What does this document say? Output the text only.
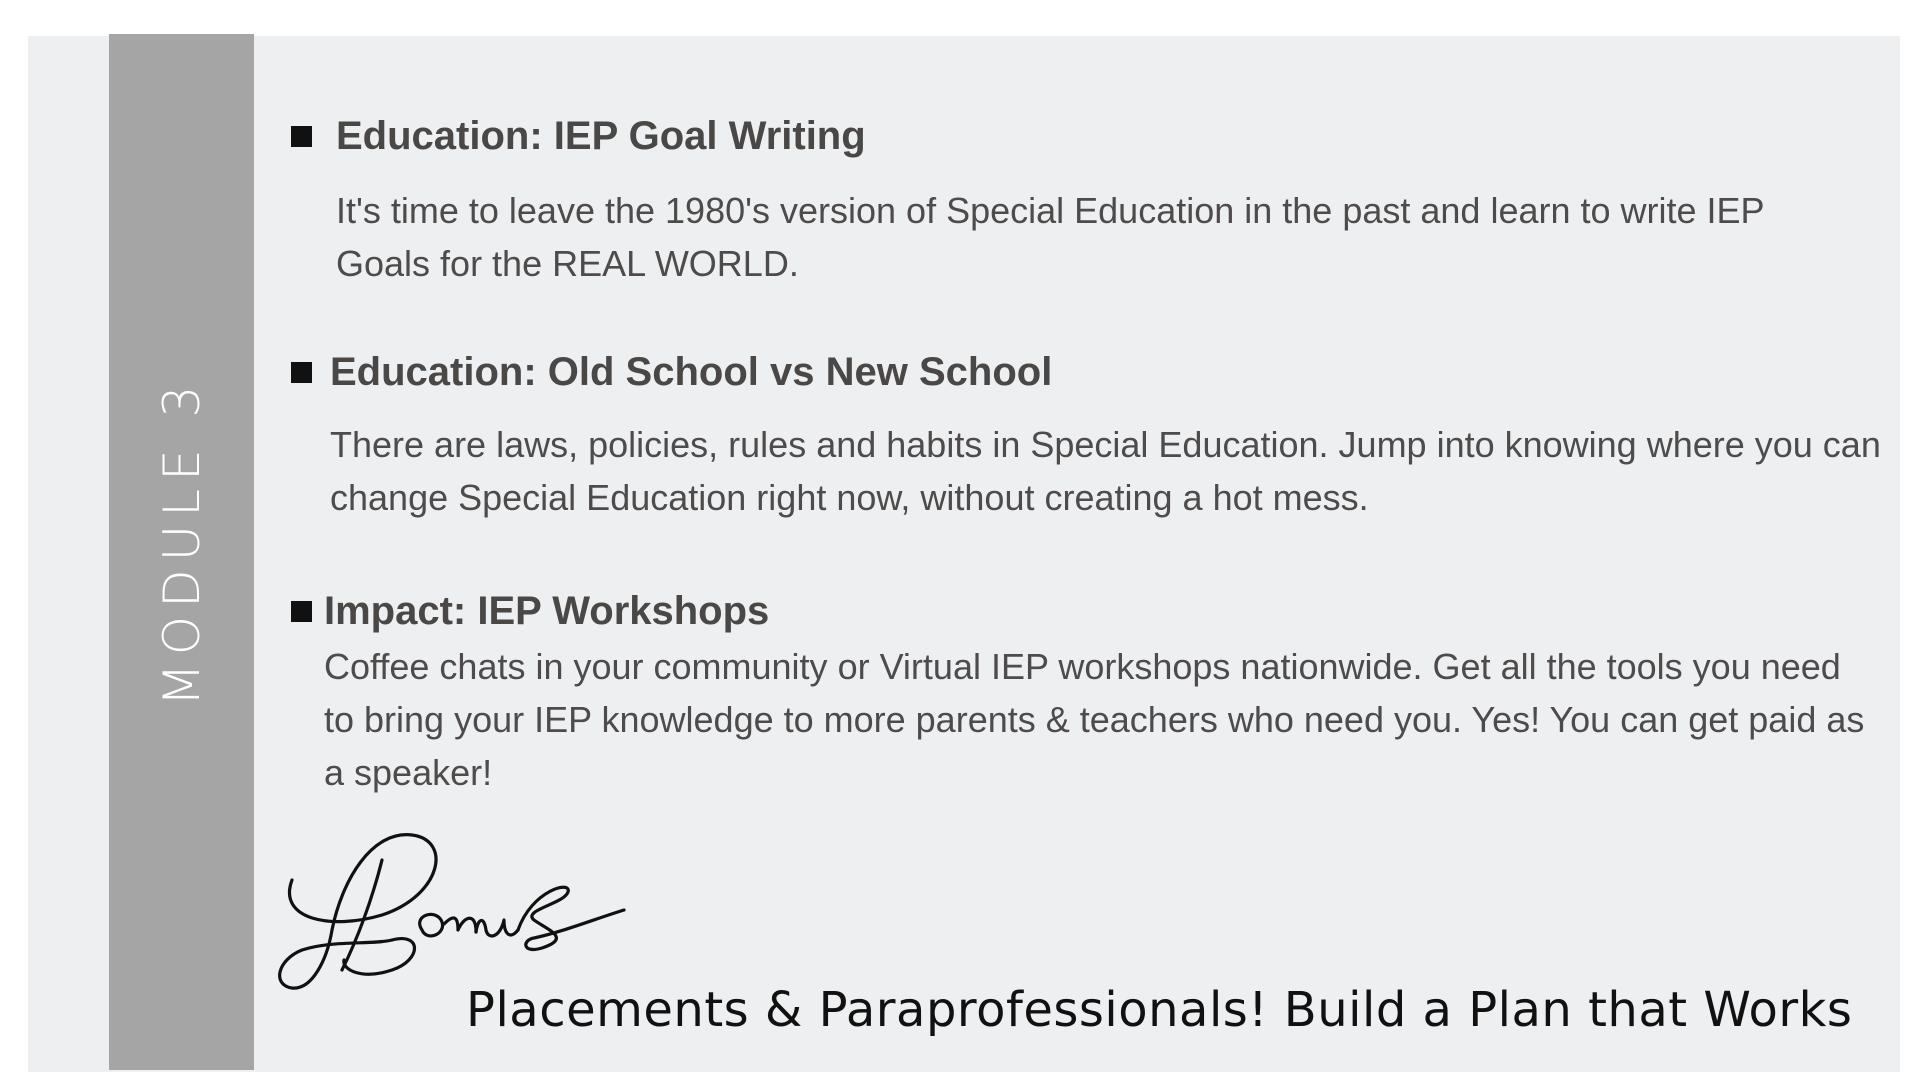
MODULE 3
Education: IEP Goal Writing
It's time to leave the 1980's version of Special Education in the past and learn to write IEP Goals for the REAL WORLD.
Education: Old School vs New School
There are laws, policies, rules and habits in Special Education. Jump into knowing where you can change Special Education right now, without creating a hot mess.
Impact: IEP Workshops
Coffee chats in your community or Virtual IEP workshops nationwide. Get all the tools you need to bring your IEP knowledge to more parents & teachers who need you. Yes! You can get paid as a speaker!
Placements & Paraprofessionals! Build a Plan that Works
